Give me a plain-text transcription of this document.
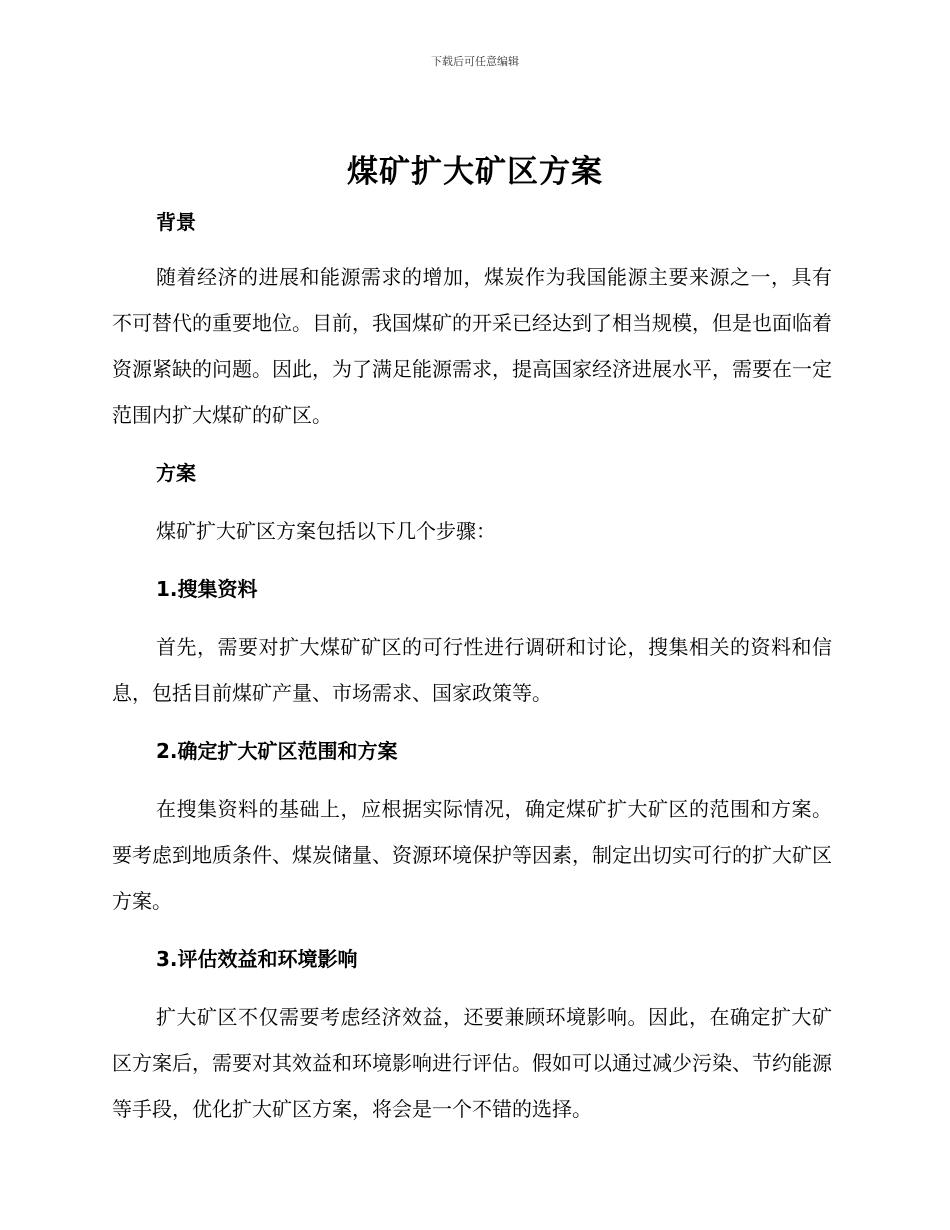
下载后可任意编辑
煤矿扩大矿区方案
背景

随着经济的进展和能源需求的增加，煤炭作为我国能源主要来源之一，具有不可替代的重要地位。目前，我国煤矿的开采已经达到了相当规模，但是也面临着资源紧缺的问题。因此，为了满足能源需求，提高国家经济进展水平，需要在一定范围内扩大煤矿的矿区。

方案

煤矿扩大矿区方案包括以下几个步骤：

1.搜集资料

首先，需要对扩大煤矿矿区的可行性进行调研和讨论，搜集相关的资料和信息，包括目前煤矿产量、市场需求、国家政策等。

2.确定扩大矿区范围和方案

在搜集资料的基础上，应根据实际情况，确定煤矿扩大矿区的范围和方案。要考虑到地质条件、煤炭储量、资源环境保护等因素，制定出切实可行的扩大矿区方案。

3.评估效益和环境影响

扩大矿区不仅需要考虑经济效益，还要兼顾环境影响。因此，在确定扩大矿区方案后，需要对其效益和环境影响进行评估。假如可以通过减少污染、节约能源等手段，优化扩大矿区方案，将会是一个不错的选择。
